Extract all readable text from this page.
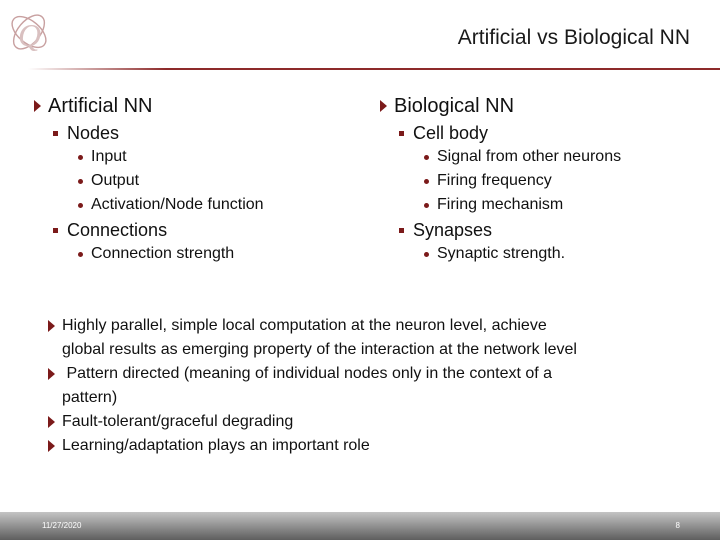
Q	Artificial vs Biological NN
Artificial NN
Nodes
Input
Output
Activation/Node function
Connections
Connection strength
Biological NN
Cell body
Signal from other neurons
Firing frequency
Firing mechanism
Synapses
Synaptic strength.
Highly parallel, simple local computation at the neuron level, achieve
global results as emerging property of the interaction at the network level
Pattern directed (meaning of individual nodes only in the context of a
pattern)
Fault-tolerant/graceful degrading
Learning/adaptation plays an important role
11/27/2020	8
